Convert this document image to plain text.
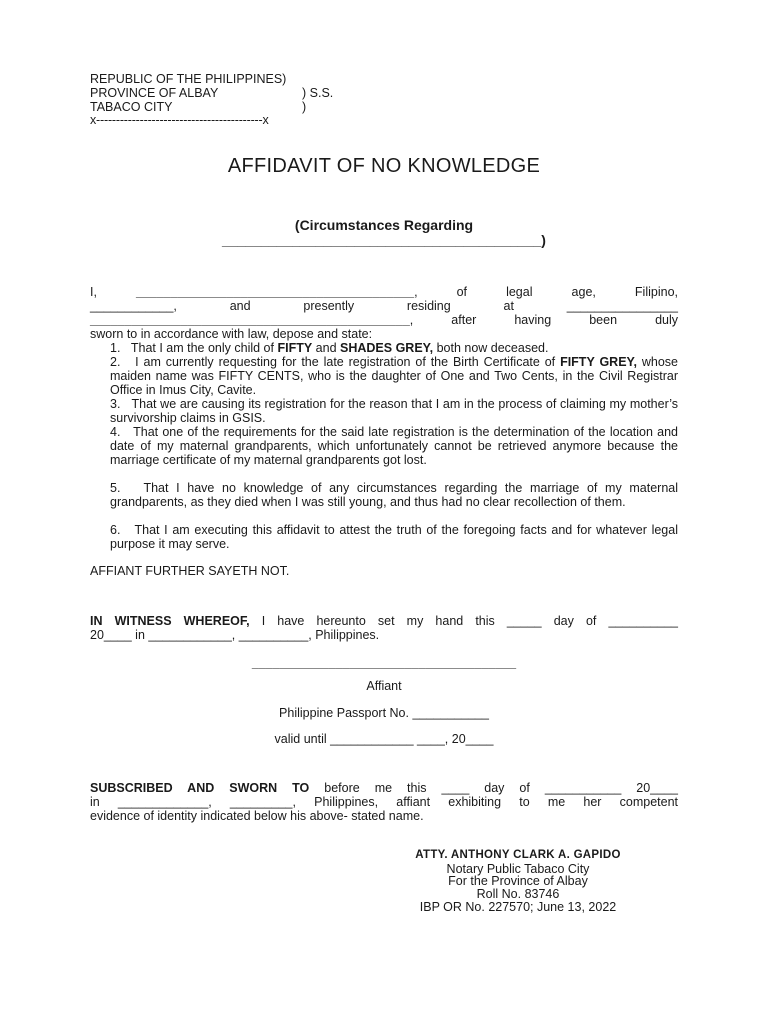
REPUBLIC OF THE PHILIPPINES)
PROVINCE OF ALBAY	) S.S.
TABACO CITY	)
x------------------------------------------x
AFFIDAVIT OF NO KNOWLEDGE
(Circumstances Regarding
_________________________________________)
I, ________________________________________, of legal age, Filipino,
____________, and presently residing at ________________
______________________________________________, after having been duly
sworn to in accordance with law, depose and state:
1. That I am the only child of FIFTY and SHADES GREY, both now deceased.
2. I am currently requesting for the late registration of the Birth Certificate of FIFTY GREY, whose maiden name was FIFTY CENTS, who is the daughter of One and Two Cents, in the Civil Registrar Office in Imus City, Cavite.
3. That we are causing its registration for the reason that I am in the process of claiming my mother’s survivorship claims in GSIS.
4. That one of the requirements for the said late registration is the determination of the location and date of my maternal grandparents, which unfortunately cannot be retrieved anymore because the marriage certificate of my maternal grandparents got lost.
5. That I have no knowledge of any circumstances regarding the marriage of my maternal grandparents, as they died when I was still young, and thus had no clear recollection of them.
6. That I am executing this affidavit to attest the truth of the foregoing facts and for whatever legal purpose it may serve.
AFFIANT FURTHER SAYETH NOT.
IN WITNESS WHEREOF, I have hereunto set my hand this _____ day of __________
20____ in ____________, __________, Philippines.
______________________________________
Affiant
Philippine Passport No. ___________
valid until ____________ ____, 20____
SUBSCRIBED AND SWORN TO before me this ____ day of ___________ 20____
in _____________, _________, Philippines, affiant exhibiting to me her competent
evidence of identity indicated below his above- stated name.
ATTY. ANTHONY CLARK A. GAPIDO
Notary Public Tabaco City
For the Province of Albay
Roll No. 83746
IBP OR No. 227570; June 13, 2022
